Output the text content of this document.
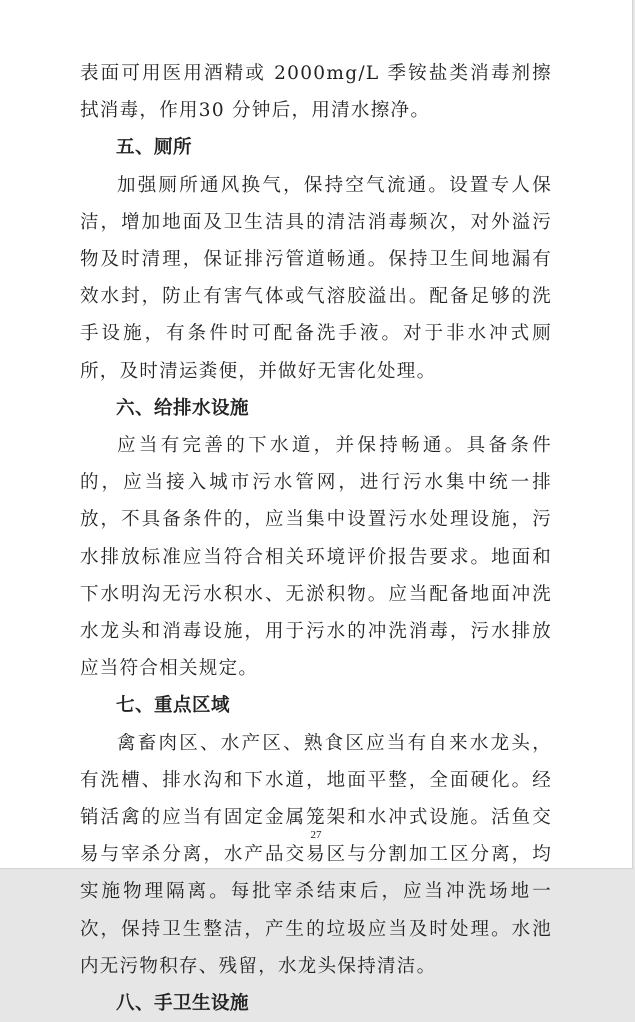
表面可用医用酒精或 2000mg/L 季铵盐类消毒剂擦拭消毒，作用30 分钟后，用清水擦净。

五、厕所

加强厕所通风换气，保持空气流通。设置专人保洁，增加地面及卫生洁具的清洁消毒频次，对外溢污物及时清理，保证排污管道畅通。保持卫生间地漏有效水封，防止有害气体或气溶胶溢出。配备足够的洗手设施，有条件时可配备洗手液。对于非水冲式厕所，及时清运粪便，并做好无害化处理。

六、给排水设施

应当有完善的下水道，并保持畅通。具备条件的，应当接入城市污水管网，进行污水集中统一排放，不具备条件的，应当集中设置污水处理设施，污水排放标准应当符合相关环境评价报告要求。地面和下水明沟无污水积水、无淤积物。应当配备地面冲洗水龙头和消毒设施，用于污水的冲洗消毒，污水排放应当符合相关规定。

七、重点区域

禽畜肉区、水产区、熟食区应当有自来水龙头，有洗槽、排水沟和下水道，地面平整，全面硬化。经销活禽的应当有固定金属笼架和水冲式设施。活鱼交易与宰杀分离，水产品交易区与分割加工区分离，均实施物理隔离。每批宰杀结束后，应当冲洗场地一次，保持卫生整洁，产生的垃圾应当及时处理。水池内无污物积存、残留，水龙头保持清洁。

八、手卫生设施

27
